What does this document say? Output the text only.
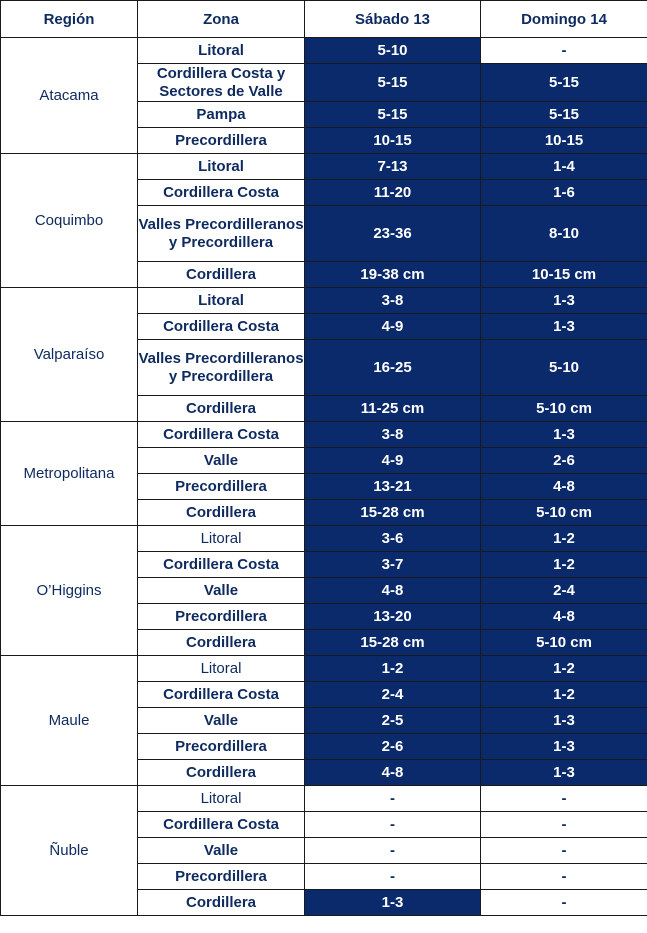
Región	Zona	Sábado 13	Domingo 14
Atacama	Litoral	5-10	-
	Cordillera Costa y Sectores de Valle	5-15	5-15
	Pampa	5-15	5-15
	Precordillera	10-15	10-15
Coquimbo	Litoral	7-13	1-4
	Cordillera Costa	11-20	1-6
	Valles Precordilleranos y Precordillera	23-36	8-10
	Cordillera	19-38 cm	10-15 cm
Valparaíso	Litoral	3-8	1-3
	Cordillera Costa	4-9	1-3
	Valles Precordilleranos y Precordillera	16-25	5-10
	Cordillera	11-25 cm	5-10 cm
Metropolitana	Cordillera Costa	3-8	1-3
	Valle	4-9	2-6
	Precordillera	13-21	4-8
	Cordillera	15-28 cm	5-10 cm
O’Higgins	Litoral	3-6	1-2
	Cordillera Costa	3-7	1-2
	Valle	4-8	2-4
	Precordillera	13-20	4-8
	Cordillera	15-28 cm	5-10 cm
Maule	Litoral	1-2	1-2
	Cordillera Costa	2-4	1-2
	Valle	2-5	1-3
	Precordillera	2-6	1-3
	Cordillera	4-8	1-3
Ñuble	Litoral	-	-
	Cordillera Costa	-	-
	Valle	-	-
	Precordillera	-	-
	Cordillera	1-3	-
